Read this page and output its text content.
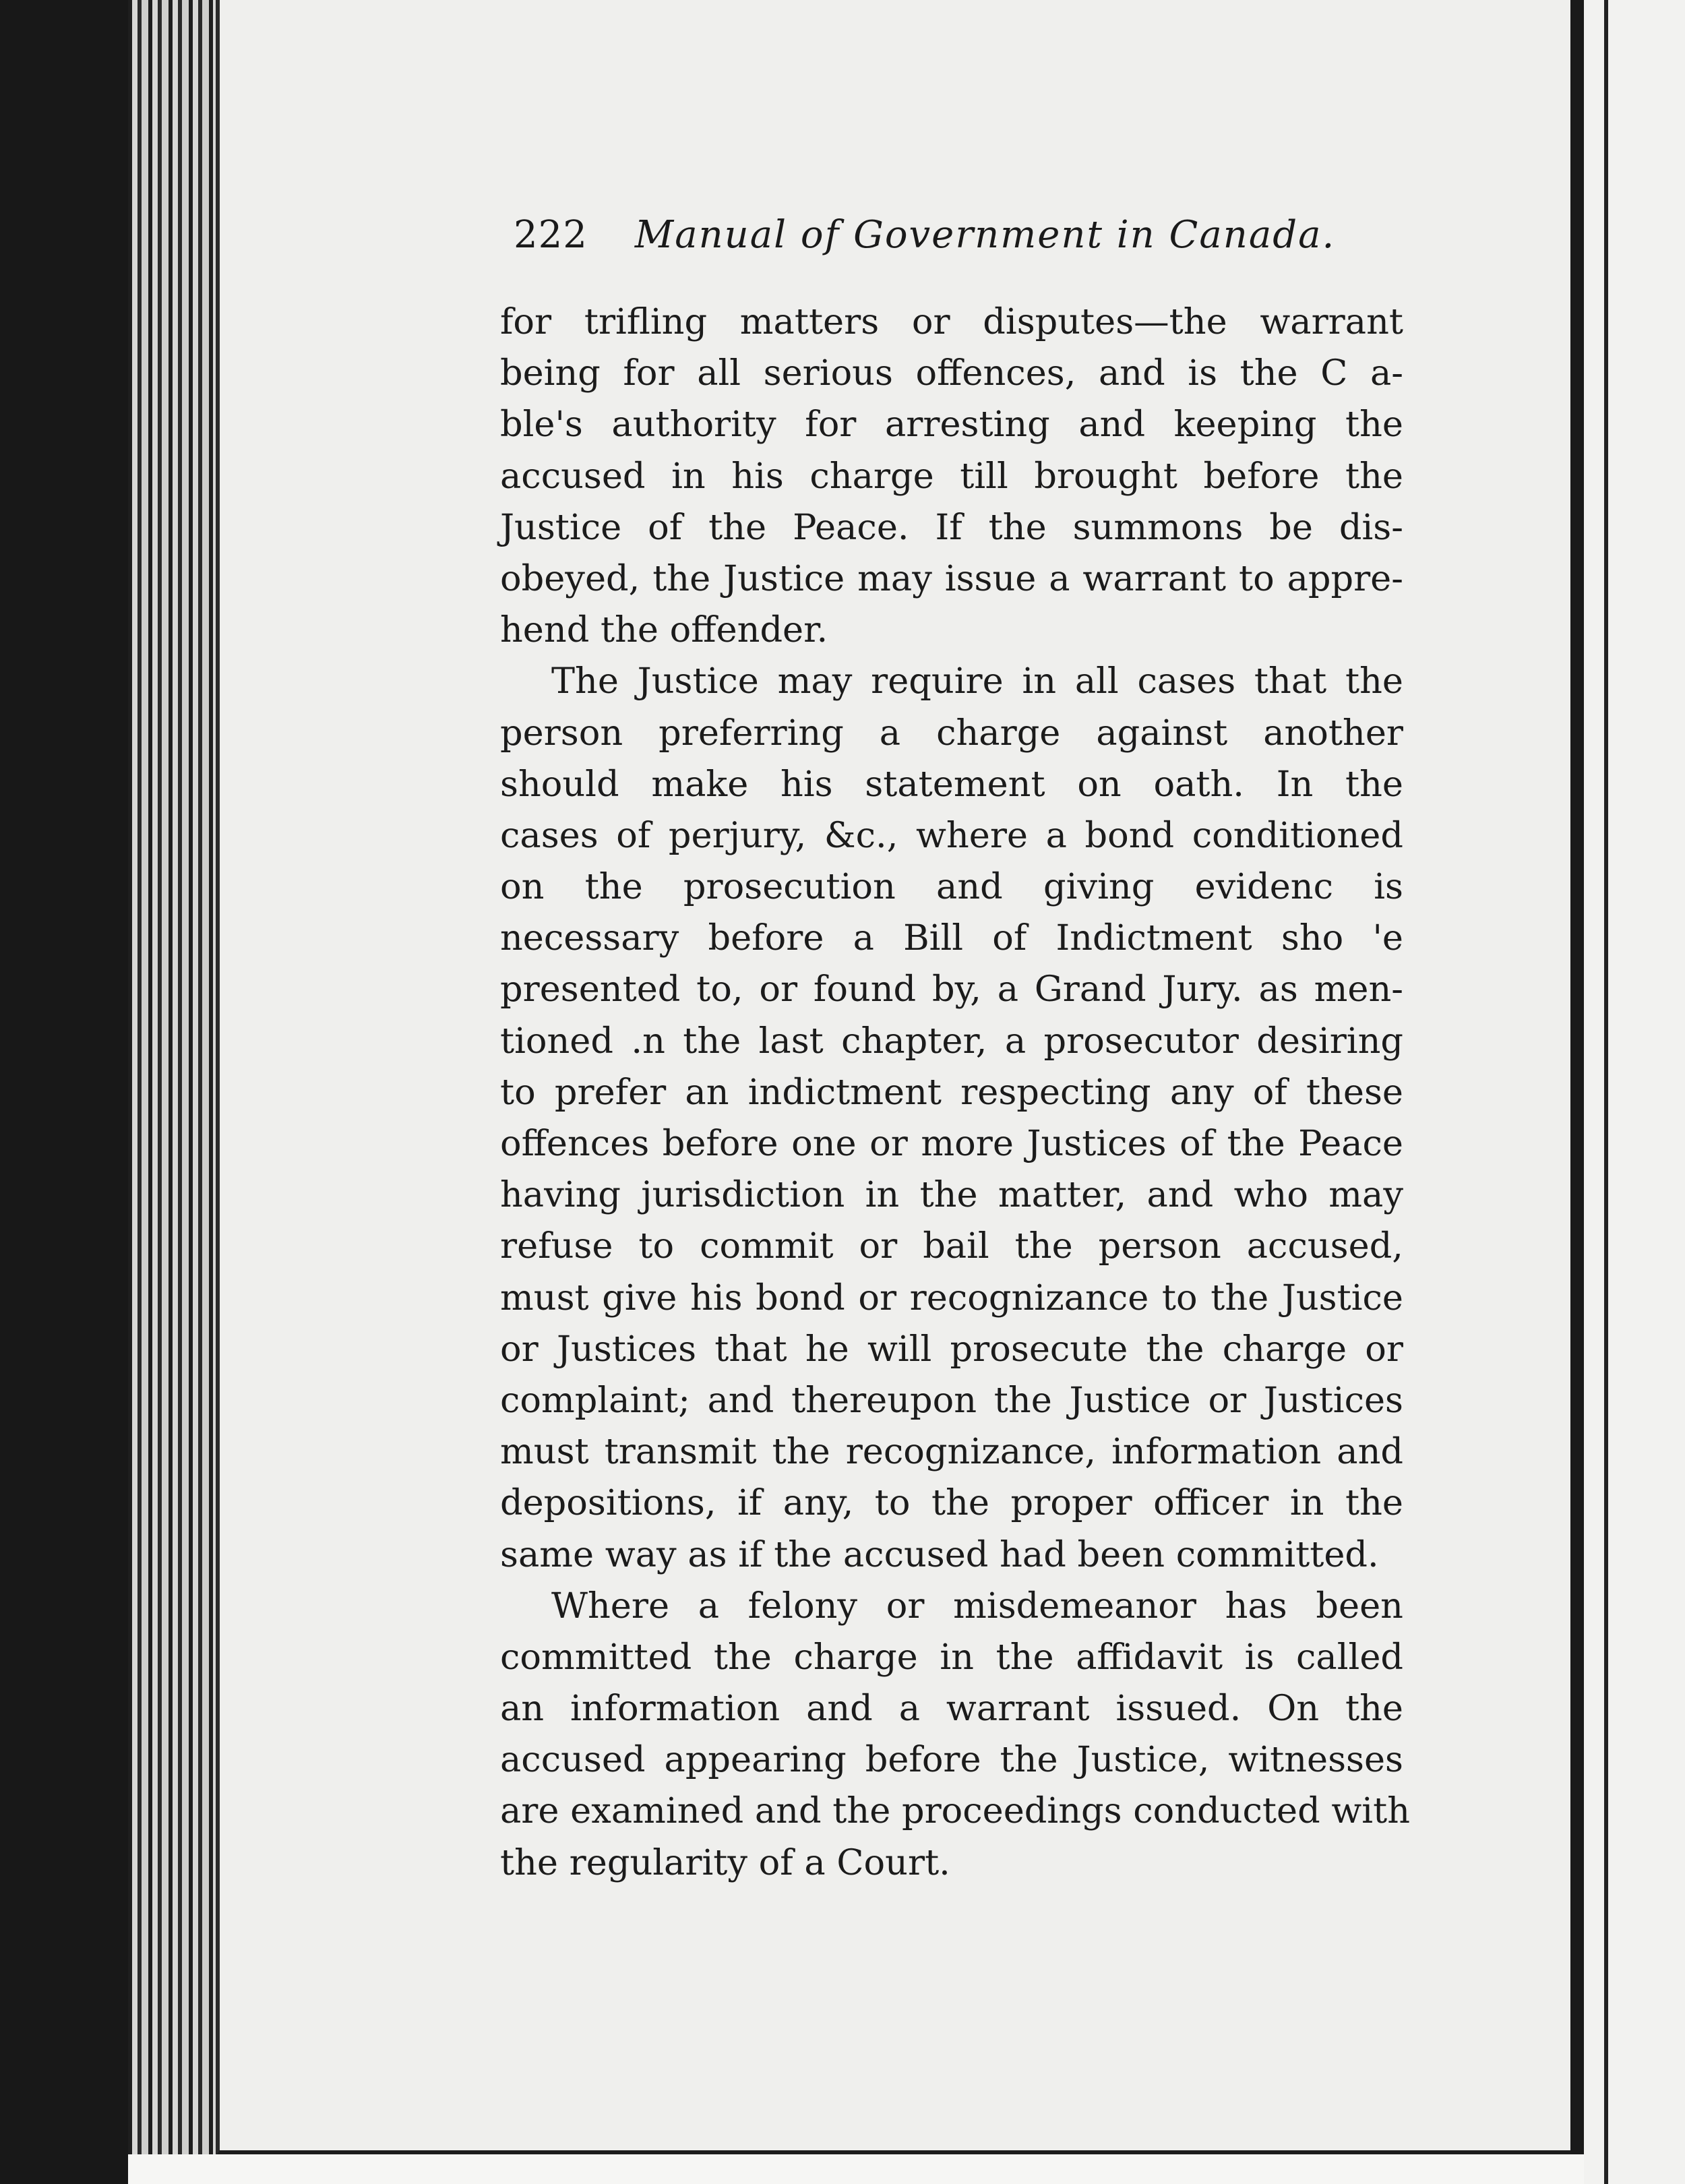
222 Manual of Government in Canada.
for trifling matters or disputes—the warrant
being for all serious offences, and is the C a-
ble's authority for arresting and keeping the
accused in his charge till brought before the
Justice of the Peace. If the summons be dis-
obeyed, the Justice may issue a warrant to appre-
hend the offender.
The Justice may require in all cases that the
person preferring a charge against another
should make his statement on oath. In the
cases of perjury, &c., where a bond conditioned
on the prosecution and giving evidenc is
necessary before a Bill of Indictment sho 'e
presented to, or found by, a Grand Jury. as men-
tioned .n the last chapter, a prosecutor desiring
to prefer an indictment respecting any of these
offences before one or more Justices of the Peace
having jurisdiction in the matter, and who may
refuse to commit or bail the person accused,
must give his bond or recognizance to the Justice
or Justices that he will prosecute the charge or
complaint; and thereupon the Justice or Justices
must transmit the recognizance, information and
depositions, if any, to the proper officer in the
same way as if the accused had been committed.
Where a felony or misdemeanor has been
committed the charge in the affidavit is called
an information and a warrant issued. On the
accused appearing before the Justice, witnesses
are examined and the proceedings conducted with
the regularity of a Court.
